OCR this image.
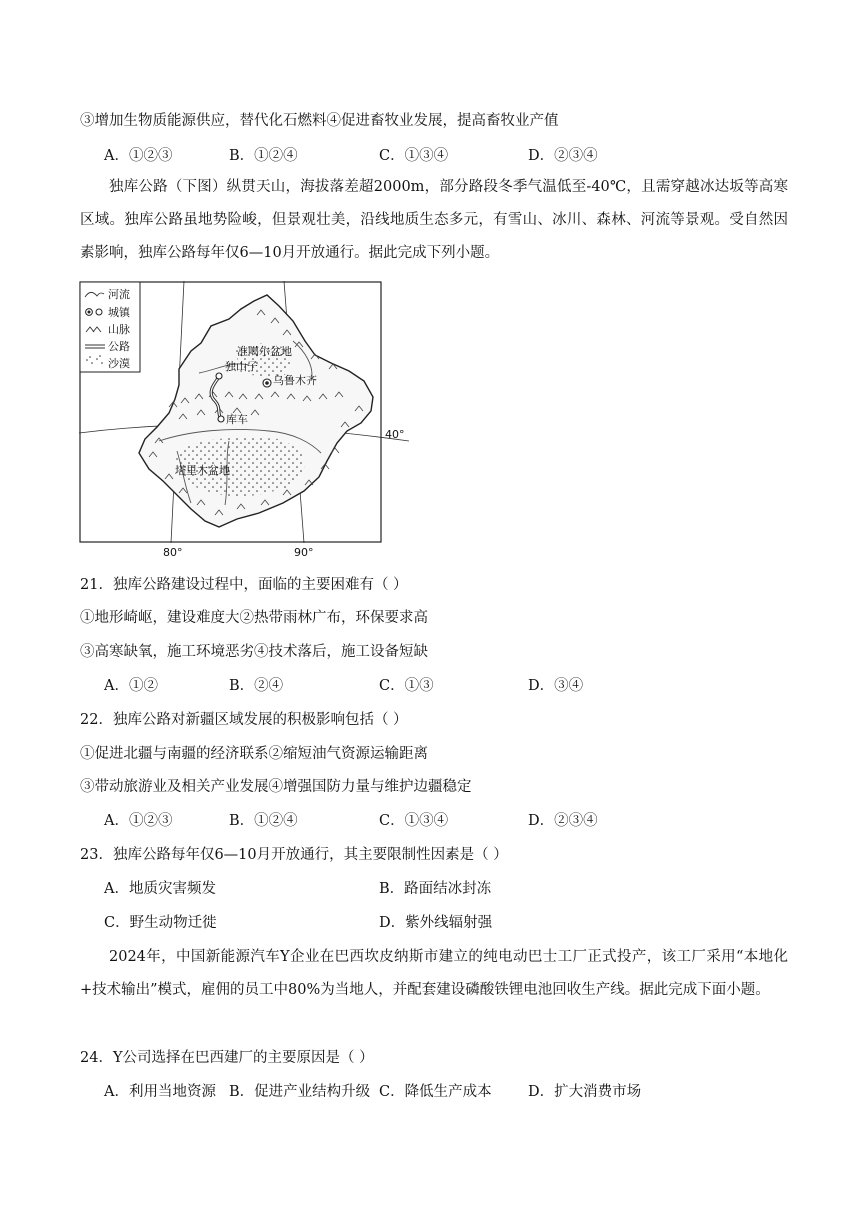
③增加生物质能源供应，替代化石燃料④促进畜牧业发展，提高畜牧业产值
A．①②③	B．①②④	C．①③④	D．②③④
独库公路（下图）纵贯天山，海拔落差超2000m，部分路段冬季气温低至-40℃，且需穿越冰达坂等高寒区域。独库公路虽地势险峻，但景观壮美，沿线地质生态多元，有雪山、冰川、森林、河流等景观。受自然因素影响，独库公路每年仅6—10月开放通行。据此完成下列小题。
准噶尔盆地
独山子
乌鲁木齐
库车
塔里木盆地
40°
80°	90°
河流
城镇
山脉
公路
沙漠
21．独库公路建设过程中，面临的主要困难有（ ）
①地形崎岖，建设难度大②热带雨林广布，环保要求高
③高寒缺氧，施工环境恶劣④技术落后，施工设备短缺
A．①②	B．②④	C．①③	D．③④
22．独库公路对新疆区域发展的积极影响包括（ ）
①促进北疆与南疆的经济联系②缩短油气资源运输距离
③带动旅游业及相关产业发展④增强国防力量与维护边疆稳定
A．①②③	B．①②④	C．①③④	D．②③④
23．独库公路每年仅6—10月开放通行，其主要限制性因素是（ ）
A．地质灾害频发	B．路面结冰封冻
C．野生动物迁徙	D．紫外线辐射强
2024年，中国新能源汽车Y企业在巴西坎皮纳斯市建立的纯电动巴士工厂正式投产，该工厂采用“本地化+技术输出”模式，雇佣的员工中80%为当地人，并配套建设磷酸铁锂电池回收生产线。据此完成下面小题。
24．Y公司选择在巴西建厂的主要原因是（ ）
A．利用当地资源 B．促进产业结构升级 C．降低生产成本	D．扩大消费市场
